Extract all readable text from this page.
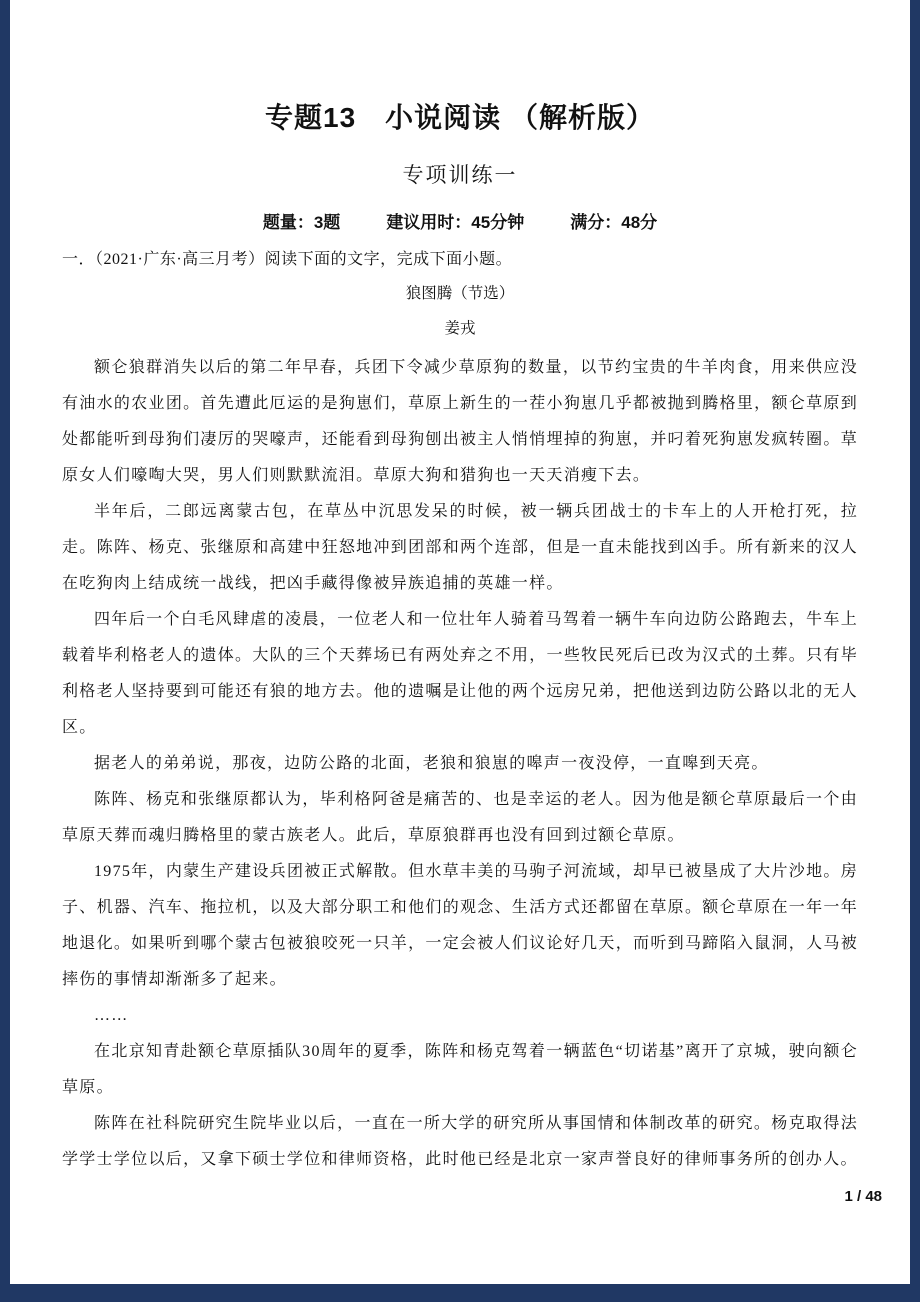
专题13　小说阅读 （解析版）
专项训练一
题量：3题	建议用时：45分钟	满分：48分
一．（2021·广东·高三月考）阅读下面的文字，完成下面小题。
狼图腾（节选）
姜戎

额仑狼群消失以后的第二年早春，兵团下令减少草原狗的数量，以节约宝贵的牛羊肉食，用来供应没有油水的农业团。首先遭此厄运的是狗崽们，草原上新生的一茬小狗崽几乎都被抛到腾格里，额仑草原到处都能听到母狗们凄厉的哭嚎声，还能看到母狗刨出被主人悄悄埋掉的狗崽，并叼着死狗崽发疯转圈。草原女人们嚎啕大哭，男人们则默默流泪。草原大狗和猎狗也一天天消瘦下去。

半年后，二郎远离蒙古包，在草丛中沉思发呆的时候，被一辆兵团战士的卡车上的人开枪打死，拉走。陈阵、杨克、张继原和高建中狂怒地冲到团部和两个连部，但是一直未能找到凶手。所有新来的汉人在吃狗肉上结成统一战线，把凶手藏得像被异族追捕的英雄一样。

四年后一个白毛风肆虐的凌晨，一位老人和一位壮年人骑着马驾着一辆牛车向边防公路跑去，牛车上载着毕利格老人的遗体。大队的三个天葬场已有两处弃之不用，一些牧民死后已改为汉式的土葬。只有毕利格老人坚持要到可能还有狼的地方去。他的遗嘱是让他的两个远房兄弟，把他送到边防公路以北的无人区。

据老人的弟弟说，那夜，边防公路的北面，老狼和狼崽的嗥声一夜没停，一直嗥到天亮。

陈阵、杨克和张继原都认为，毕利格阿爸是痛苦的、也是幸运的老人。因为他是额仑草原最后一个由草原天葬而魂归腾格里的蒙古族老人。此后，草原狼群再也没有回到过额仑草原。

1975年，内蒙生产建设兵团被正式解散。但水草丰美的马驹子河流域，却早已被垦成了大片沙地。房子、机器、汽车、拖拉机，以及大部分职工和他们的观念、生活方式还都留在草原。额仑草原在一年一年地退化。如果听到哪个蒙古包被狼咬死一只羊，一定会被人们议论好几天，而听到马蹄陷入鼠洞，人马被摔伤的事情却渐渐多了起来。

……

在北京知青赴额仑草原插队30周年的夏季，陈阵和杨克驾着一辆蓝色“切诺基”离开了京城，驶向额仑草原。

陈阵在社科院研究生院毕业以后，一直在一所大学的研究所从事国情和体制改革的研究。杨克取得法学学士学位以后，又拿下硕士学位和律师资格，此时他已经是北京一家声誉良好的律师事务所的创办人。

1 / 48
